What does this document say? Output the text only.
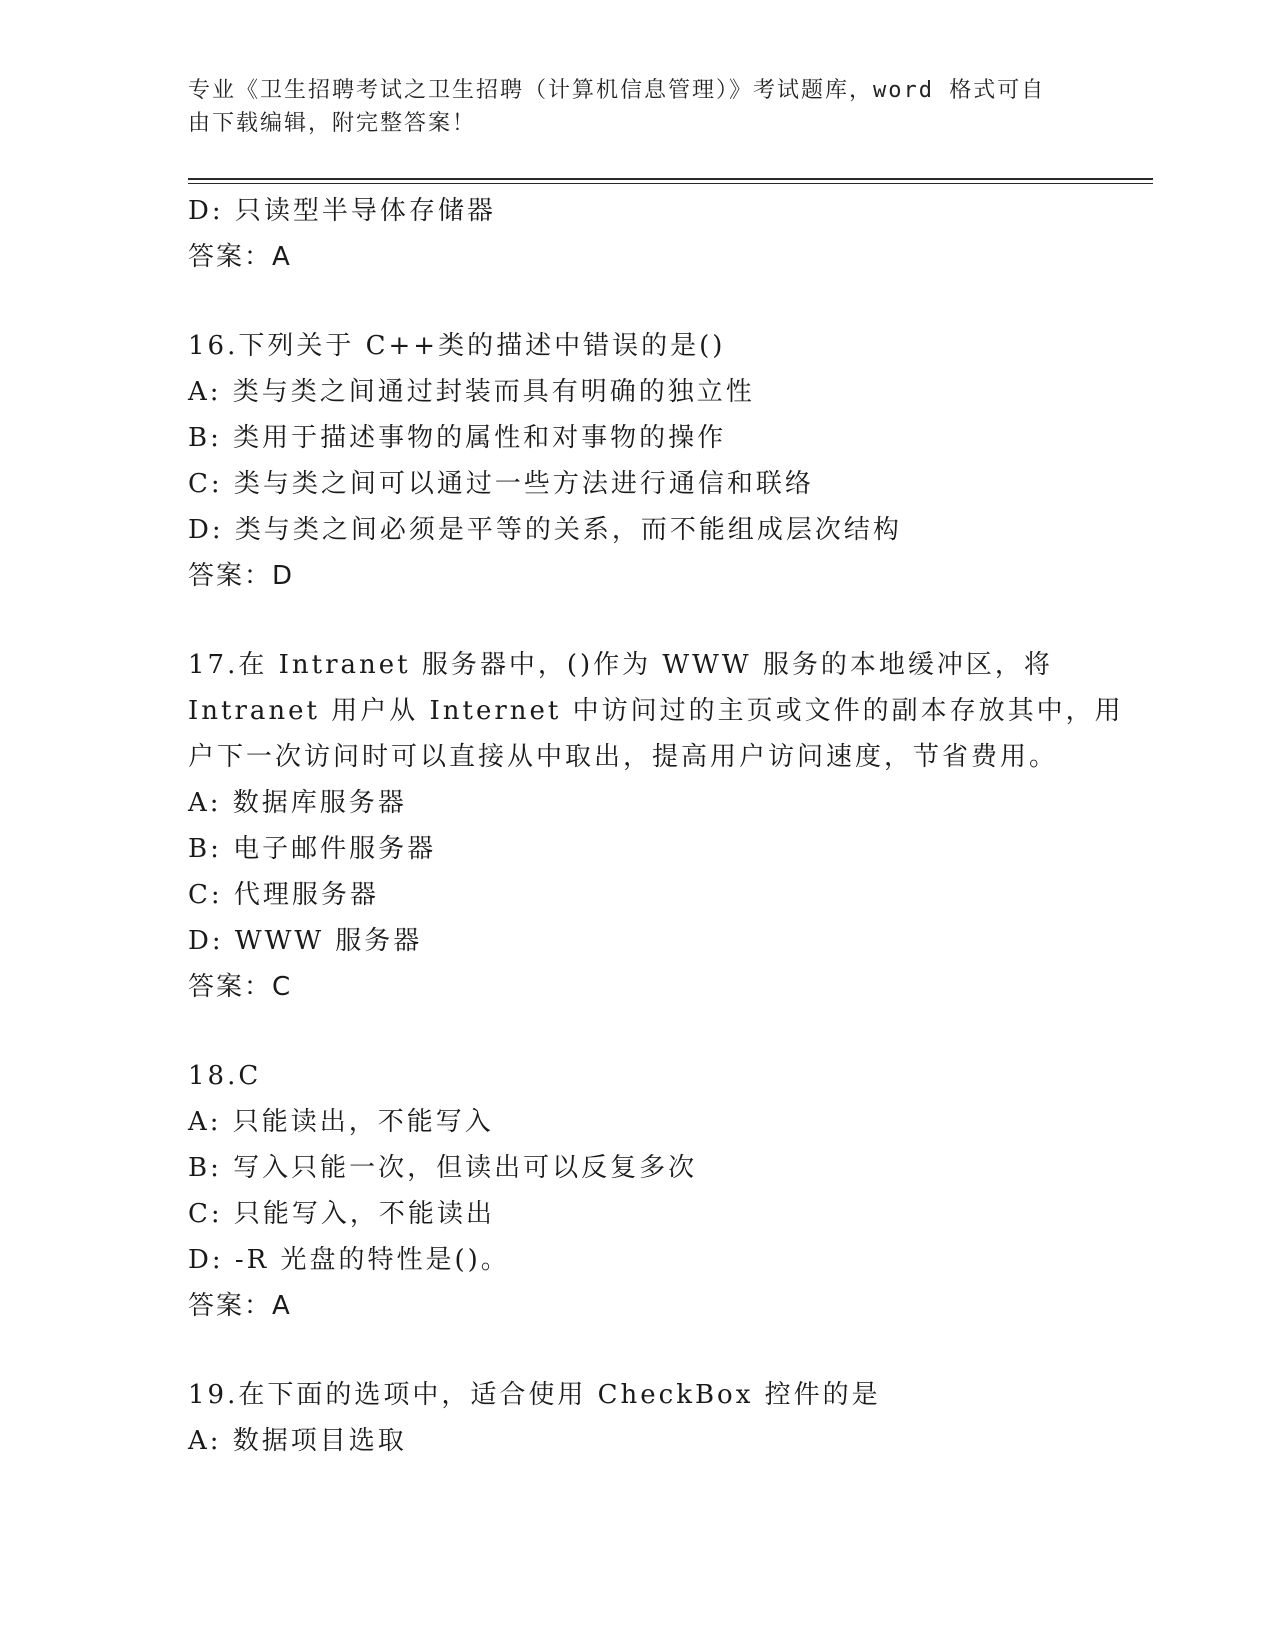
专业《卫生招聘考试之卫生招聘（计算机信息管理）》考试题库，word 格式可自
由下载编辑，附完整答案！
D: 只读型半导体存储器
答案：A
16.下列关于 C++类的描述中错误的是()
A: 类与类之间通过封装而具有明确的独立性
B: 类用于描述事物的属性和对事物的操作
C: 类与类之间可以通过一些方法进行通信和联络
D: 类与类之间必须是平等的关系，而不能组成层次结构
答案：D
17.在 Intranet 服务器中，()作为 WWW 服务的本地缓冲区，将
Intranet 用户从 Internet 中访问过的主页或文件的副本存放其中，用
户下一次访问时可以直接从中取出，提高用户访问速度，节省费用。
A: 数据库服务器
B: 电子邮件服务器
C: 代理服务器
D: WWW 服务器
答案：C
18.C
A: 只能读出，不能写入
B: 写入只能一次，但读出可以反复多次
C: 只能写入，不能读出
D: -R 光盘的特性是()。
答案：A
19.在下面的选项中，适合使用 CheckBox 控件的是
A: 数据项目选取
